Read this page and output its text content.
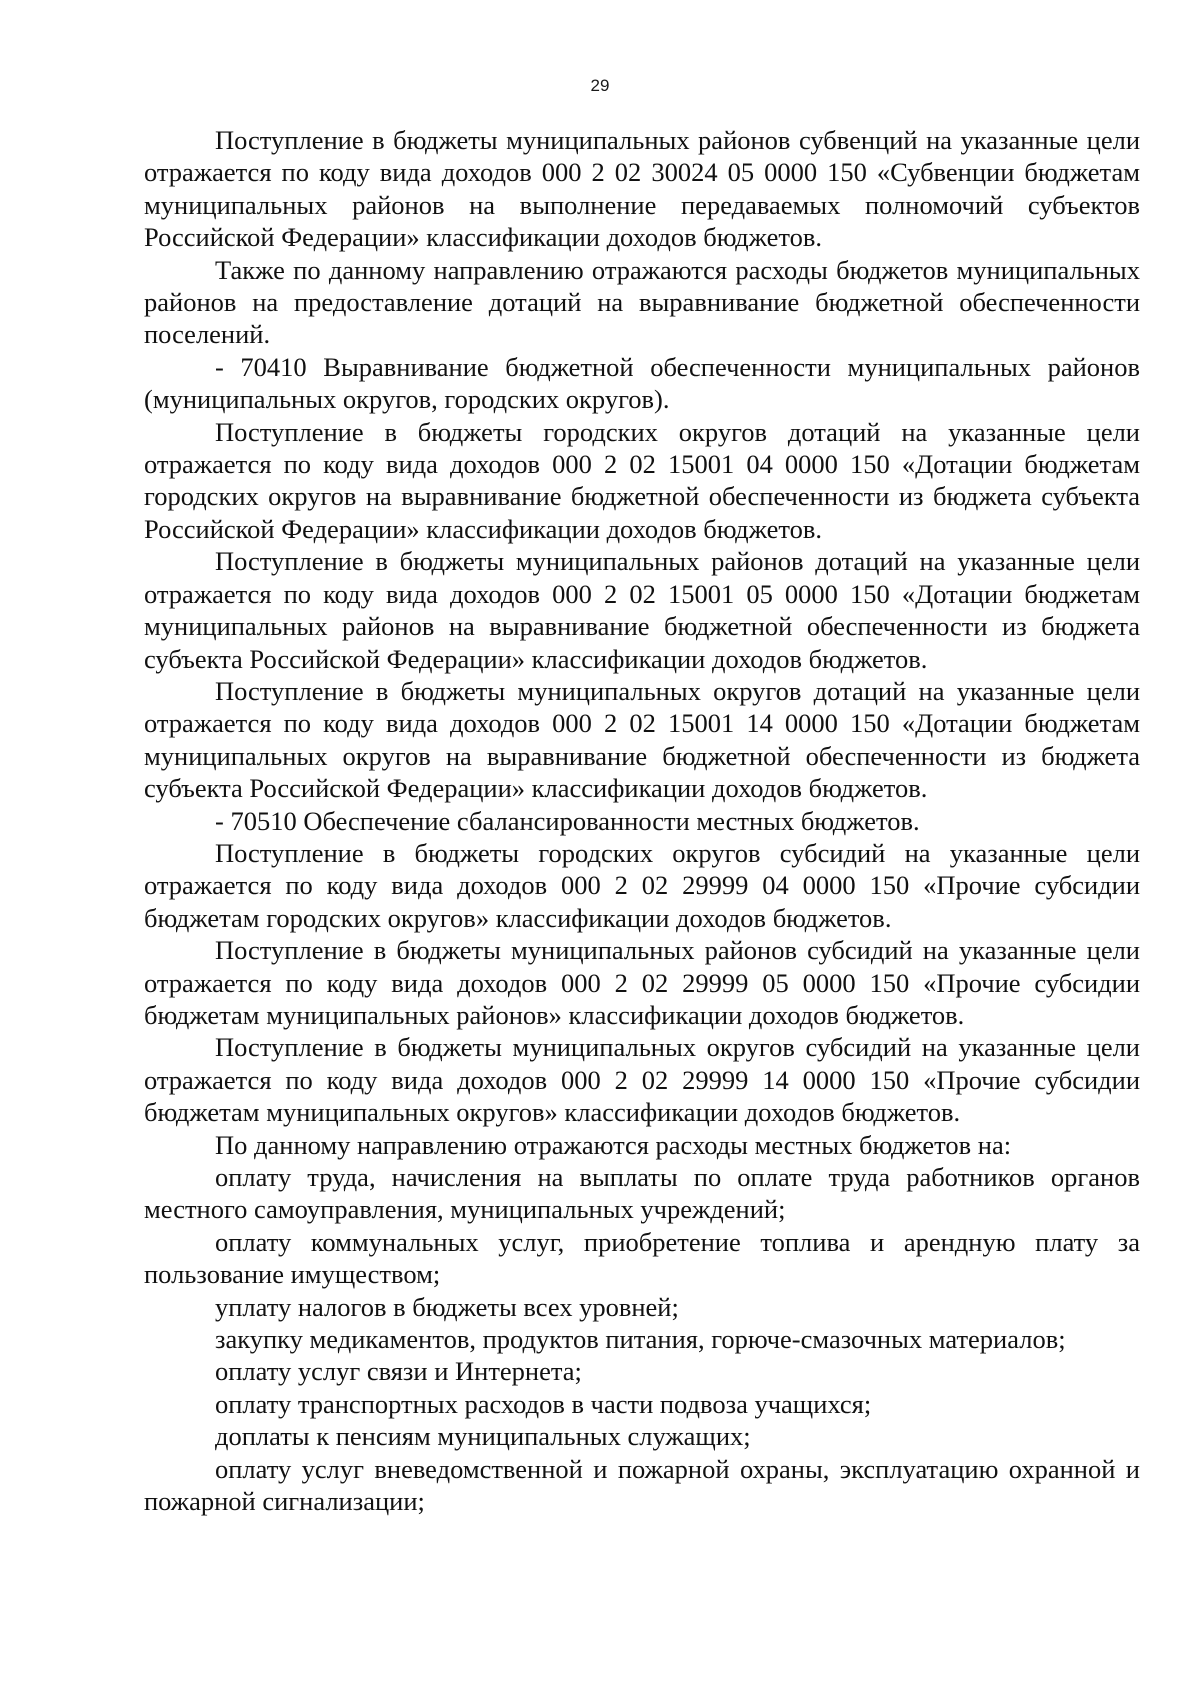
29

Поступление в бюджеты муниципальных районов субвенций на указанные цели отражается по коду вида доходов 000 2 02 30024 05 0000 150 «Субвенции бюджетам муниципальных районов на выполнение передаваемых полномочий субъектов Российской Федерации» классификации доходов бюджетов.

Также по данному направлению отражаются расходы бюджетов муниципальных районов на предоставление дотаций на выравнивание бюджетной обеспеченности поселений.

- 70410 Выравнивание бюджетной обеспеченности муниципальных районов (муниципальных округов, городских округов).

Поступление в бюджеты городских округов дотаций на указанные цели отражается по коду вида доходов 000 2 02 15001 04 0000 150 «Дотации бюджетам городских округов на выравнивание бюджетной обеспеченности из бюджета субъекта Российской Федерации» классификации доходов бюджетов.

Поступление в бюджеты муниципальных районов дотаций на указанные цели отражается по коду вида доходов 000 2 02 15001 05 0000 150 «Дотации бюджетам муниципальных районов на выравнивание бюджетной обеспеченности из бюджета субъекта Российской Федерации» классификации доходов бюджетов.

Поступление в бюджеты муниципальных округов дотаций на указанные цели отражается по коду вида доходов 000 2 02 15001 14 0000 150 «Дотации бюджетам муниципальных округов на выравнивание бюджетной обеспеченности из бюджета субъекта Российской Федерации» классификации доходов бюджетов.

- 70510 Обеспечение сбалансированности местных бюджетов.

Поступление в бюджеты городских округов субсидий на указанные цели отражается по коду вида доходов 000 2 02 29999 04 0000 150 «Прочие субсидии бюджетам городских округов» классификации доходов бюджетов.

Поступление в бюджеты муниципальных районов субсидий на указанные цели отражается по коду вида доходов 000 2 02 29999 05 0000 150 «Прочие субсидии бюджетам муниципальных районов» классификации доходов бюджетов.

Поступление в бюджеты муниципальных округов субсидий на указанные цели отражается по коду вида доходов 000 2 02 29999 14 0000 150 «Прочие субсидии бюджетам муниципальных округов» классификации доходов бюджетов.

По данному направлению отражаются расходы местных бюджетов на:

оплату труда, начисления на выплаты по оплате труда работников органов местного самоуправления, муниципальных учреждений;

оплату коммунальных услуг, приобретение топлива и арендную плату за пользование имуществом;

уплату налогов в бюджеты всех уровней;

закупку медикаментов, продуктов питания, горюче-смазочных материалов;

оплату услуг связи и Интернета;

оплату транспортных расходов в части подвоза учащихся;

доплаты к пенсиям муниципальных служащих;

оплату услуг вневедомственной и пожарной охраны, эксплуатацию охранной и пожарной сигнализации;
